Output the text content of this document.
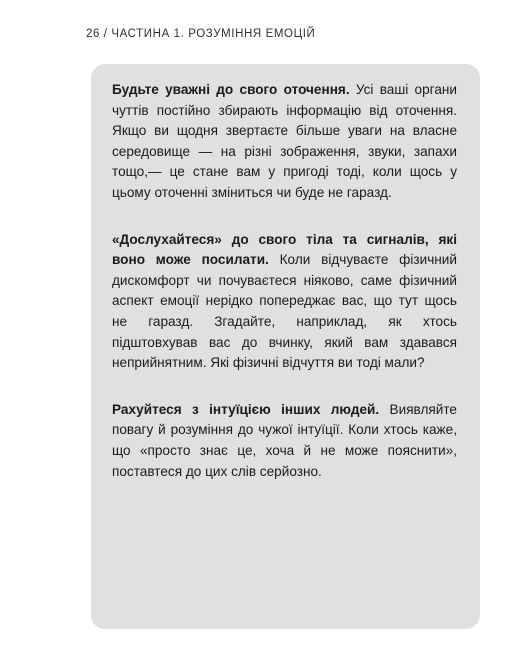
26 / ЧАСТИНА 1. РОЗУМІННЯ ЕМОЦІЙ

Будьте уважні до свого оточення. Усі ваші органи чуттів постійно збирають інформацію від оточення. Якщо ви щодня звертаєте більше уваги на власне середовище — на різні зображення, звуки, запахи тощо,— це стане вам у пригоді тоді, коли щось у цьому оточенні зміниться чи буде не гаразд.

«Дослухайтеся» до свого тіла та сигналів, які воно може посилати. Коли відчуваєте фізичний дискомфорт чи почуваєтеся ніяково, саме фізичний аспект емоції нерідко попереджає вас, що тут щось не гаразд. Згадайте, наприклад, як хтось підштовхував вас до вчинку, який вам здавався неприйнятним. Які фізичні відчуття ви тоді мали?

Рахуйтеся з інтуїцією інших людей. Виявляйте повагу й розуміння до чужої інтуїції. Коли хтось каже, що «просто знає це, хоча й не може пояснити», поставтеся до цих слів серйозно.
